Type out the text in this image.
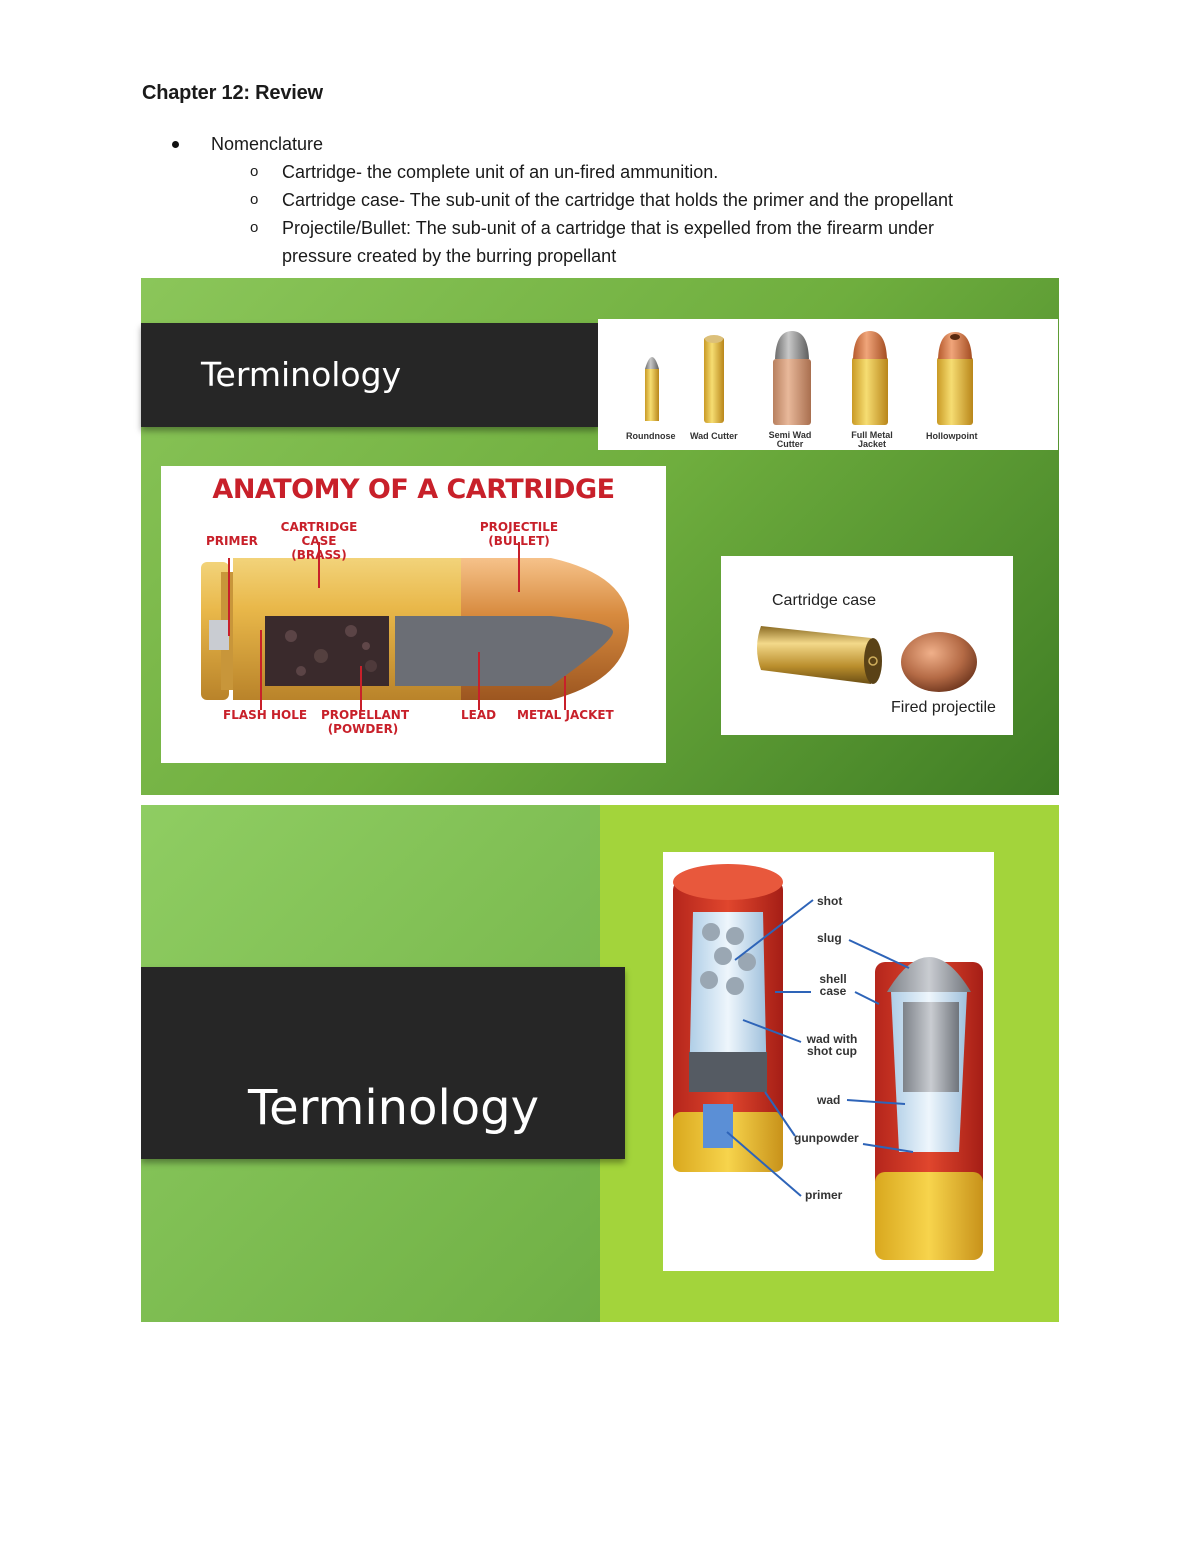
Chapter 12: Review
Nomenclature
o Cartridge- the complete unit of an un-fired ammunition.
o Cartridge case- The sub-unit of the cartridge that holds the primer and the propellant
o Projectile/Bullet: The sub-unit of a cartridge that is expelled from the firearm under
pressure created by the burring propellant
Terminology
Roundnose Wad Cutter	Semi Wad Cutter
Full Metal Jacket
Hollowpoint
ANATOMY OF A CARTRIDGE
PRIMER
CARTRIDGE CASE
(BRASS)
PROJECTILE
(BULLET)
FLASH HOLE PROPELLANT
(POWDER)
LEAD METAL JACKET
Cartridge case
Fired projectile
Terminology
shot
slug
shell
case
wad with
shot cup
wad
gunpowder
primer
